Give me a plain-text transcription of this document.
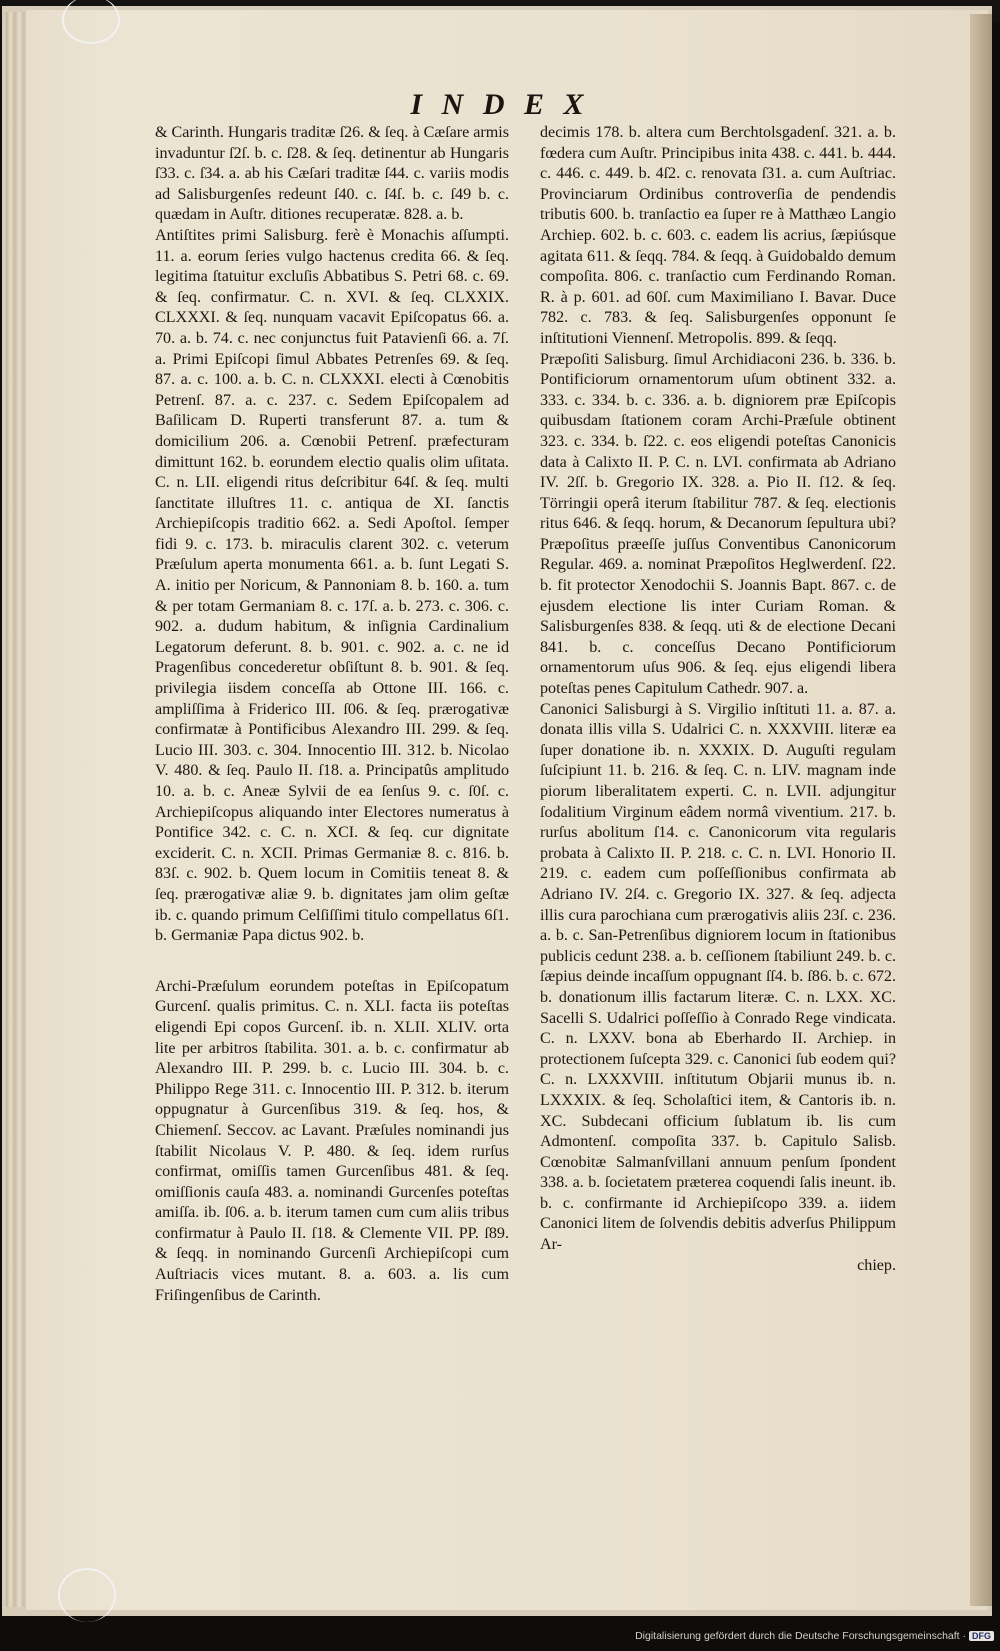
I N D E X

& Carinth. Hungaris traditæ ſ26. & ſeq. à Cæſare armis invaduntur ſ2ſ. b. c. ſ28. & ſeq. detinentur ab Hungaris ſ33. c. ſ34. a. ab his Cæſari traditæ ſ44. c. variis modis ad Salisburgenſes redeunt ſ40. c. ſ4ſ. b. c. ſ49 b. c. quædam in Auſtr. ditiones recuperatæ. 828. a. b.

Antiſtites primi Salisburg. ferè è Monachis aſſumpti. 11. a. eorum ſeries vulgo hactenus credita 66. & ſeq. legitima ſtatuitur excluſis Abbatibus S. Petri 68. c. 69. & ſeq. confirmatur. C. n. XVI. & ſeq. CLXXIX. CLXXXI. & ſeq. nunquam vacavit Epiſcopatus 66. a. 70. a. b. 74. c. nec conjunctus fuit Patavienſi 66. a. 7ſ. a. Primi Epiſcopi ſimul Abbates Petrenſes 69. & ſeq. 87. a. c. 100. a. b. C. n. CLXXXI. electi à Cœnobitis Petrenſ. 87. a. c. 237. c. Sedem Epiſcopalem ad Baſilicam D. Ruperti transferunt 87. a. tum & domicilium 206. a. Cœnobii Petrenſ. præfecturam dimittunt 162. b. eorundem electio qualis olim uſitata. C. n. LII. eligendi ritus deſcribitur 64ſ. & ſeq. multi ſanctitate illuſtres 11. c. antiqua de XI. ſanctis Archiepiſcopis traditio 662. a. Sedi Apoſtol. ſemper fidi 9. c. 173. b. miraculis clarent 302. c. veterum Præſulum aperta monumenta 661. a. b. ſunt Legati S. A. initio per Noricum, & Pannoniam 8. b. 160. a. tum & per totam Germaniam 8. c. 17ſ. a. b. 273. c. 306. c. 902. a. dudum habitum, & inſignia Cardinalium Legatorum deferunt. 8. b. 901. c. 902. a. c. ne id Pragenſibus concederetur obſiſtunt 8. b. 901. & ſeq. privilegia iisdem conceſſa ab Ottone III. 166. c. ampliſſima à Friderico III. ſ06. & ſeq. prærogativæ confirmatæ à Pontificibus Alexandro III. 299. & ſeq. Lucio III. 303. c. 304. Innocentio III. 312. b. Nicolao V. 480. & ſeq. Paulo II. ſ18. a. Principatûs amplitudo 10. a. b. c. Aneæ Sylvii de ea ſenſus 9. c. ſ0ſ. c. Archiepiſcopus aliquando inter Electores numeratus à Pontifice 342. c. C. n. XCI. & ſeq. cur dignitate exciderit. C. n. XCII. Primas Germaniæ 8. c. 816. b. 83ſ. c. 902. b. Quem locum in Comitiis teneat 8. & ſeq. prærogativæ aliæ 9. b. dignitates jam olim geſtæ ib. c. quando primum Celſiſſimi titulo compellatus 6ſ1. b. Germaniæ Papa dictus 902. b.

Archi-Præſulum eorundem poteſtas in Epiſcopatum Gurcenſ. qualis primitus. C. n. XLI. facta iis poteſtas eligendi Epi copos Gurcenſ. ib. n. XLII. XLIV. orta lite per arbitros ſtabilita. 301. a. b. c. confirmatur ab Alexandro III. P. 299. b. c. Lucio III. 304. b. c. Philippo Rege 311. c. Innocentio III. P. 312. b. iterum oppugnatur à Gurcenſibus 319. & ſeq. hos, & Chiemenſ. Seccov. ac Lavant. Præſules nominandi jus ſtabilit Nicolaus V. P. 480. & ſeq. idem rurſus confirmat, omiſſis tamen Gurcenſibus 481. & ſeq. omiſſionis cauſa 483. a. nominandi Gurcenſes poteſtas amiſſa. ib. ſ06. a. b. iterum tamen cum cum aliis tribus confirmatur à Paulo II. ſ18. & Clemente VII. PP. ſ89. & ſeqq. in nominando Gurcenſi Archiepiſcopi cum Auſtriacis vices mutant. 8. a. 603. a. lis cum Friſingenſibus de Carinth.

decimis 178. b. altera cum Berchtolsgadenſ. 321. a. b. fœdera cum Auſtr. Principibus inita 438. c. 441. b. 444. c. 446. c. 449. b. 4ſ2. c. renovata ſ31. a. cum Auſtriac. Provinciarum Ordinibus controverſia de pendendis tributis 600. b. tranſactio ea ſuper re à Matthæo Langio Archiep. 602. b. c. 603. c. eadem lis acrius, ſæpiúsque agitata 611. & ſeqq. 784. & ſeqq. à Guidobaldo demum compoſita. 806. c. tranſactio cum Ferdinando Roman. R. à p. 601. ad 60ſ. cum Maximiliano I. Bavar. Duce 782. c. 783. & ſeq. Salisburgenſes opponunt ſe inſtitutioni Viennenſ. Metropolis. 899. & ſeqq.

Præpoſiti Salisburg. ſimul Archidiaconi 236. b. 336. b. Pontificiorum ornamentorum uſum obtinent 332. a. 333. c. 334. b. c. 336. a. b. digniorem præ Epiſcopis quibusdam ſtationem coram Archi-Præſule obtinent 323. c. 334. b. ſ22. c. eos eligendi poteſtas Canonicis data à Calixto II. P. C. n. LVI. confirmata ab Adriano IV. 2ſſ. b. Gregorio IX. 328. a. Pio II. ſ12. & ſeq. Törringii operâ iterum ſtabilitur 787. & ſeq. electionis ritus 646. & ſeqq. horum, & Decanorum ſepultura ubi? Præpoſitus præeſſe juſſus Conventibus Canonicorum Regular. 469. a. nominat Præpoſitos Heglwerdenſ. ſ22. b. fit protector Xenodochii S. Joannis Bapt. 867. c. de ejusdem electione lis inter Curiam Roman. & Salisburgenſes 838. & ſeqq. uti & de electione Decani 841. b. c. conceſſus Decano Pontificiorum ornamentorum uſus 906. & ſeq. ejus eligendi libera poteſtas penes Capitulum Cathedr. 907. a.

Canonici Salisburgi à S. Virgilio inſtituti 11. a. 87. a. donata illis villa S. Udalrici C. n. XXXVIII. literæ ea ſuper donatione ib. n. XXXIX. D. Auguſti regulam ſuſcipiunt 11. b. 216. & ſeq. C. n. LIV. magnam inde piorum liberalitatem experti. C. n. LVII. adjungitur ſodalitium Virginum eâdem normâ viventium. 217. b. rurſus abolitum ſ14. c. Canonicorum vita regularis probata à Calixto II. P. 218. c. C. n. LVI. Honorio II. 219. c. eadem cum poſſeſſionibus confirmata ab Adriano IV. 2ſ4. c. Gregorio IX. 327. & ſeq. adjecta illis cura parochiana cum prærogativis aliis 23ſ. c. 236. a. b. c. San-Petrenſibus digniorem locum in ſtationibus publicis cedunt 238. a. b. ceſſionem ſtabiliunt 249. b. c. ſæpius deinde incaſſum oppugnant ſſ4. b. ſ86. b. c. 672. b. donationum illis factarum literæ. C. n. LXX. XC. Sacelli S. Udalrici poſſeſſio à Conrado Rege vindicata. C. n. LXXV. bona ab Eberhardo II. Archiep. in protectionem ſuſcepta 329. c. Canonici ſub eodem qui? C. n. LXXXVIII. inſtitutum Objarii munus ib. n. LXXXIX. & ſeq. Scholaſtici item, & Cantoris ib. n. XC. Subdecani officium ſublatum ib. lis cum Admontenſ. compoſita 337. b. Capitulo Salisb. Cœnobitæ Salmanſvillani annuum penſum ſpondent 338. a. b. ſocietatem præterea coquendi ſalis ineunt. ib. b. c. confirmante id Archiepiſcopo 339. a. iidem Canonici litem de ſolvendis debitis adverſus Philippum Ar-

chiep.

Digitalisierung gefördert durch die Deutsche Forschungsgemeinschaft · DFG
